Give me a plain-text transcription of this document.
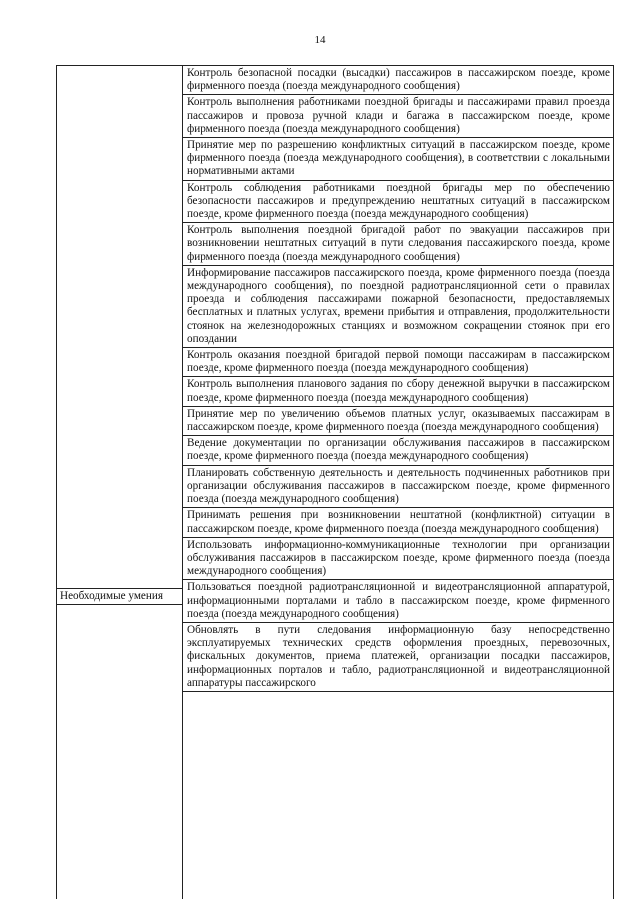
14
Необходимые умения
Контроль безопасной посадки (высадки) пассажиров в пассажирском поезде, кроме фирменного поезда (поезда международного сообщения)
Контроль выполнения работниками поездной бригады и пассажирами правил проезда пассажиров и провоза ручной клади и багажа в пассажирском поезде, кроме фирменного поезда (поезда международного сообщения)
Принятие мер по разрешению конфликтных ситуаций в пассажирском поезде, кроме фирменного поезда (поезда международного сообщения), в соответствии с локальными нормативными актами
Контроль соблюдения работниками поездной бригады мер по обеспечению безопасности пассажиров и предупреждению нештатных ситуаций в пассажирском поезде, кроме фирменного поезда (поезда международного сообщения)
Контроль выполнения поездной бригадой работ по эвакуации пассажиров при возникновении нештатных ситуаций в пути следования пассажирского поезда, кроме фирменного поезда (поезда международного сообщения)
Информирование пассажиров пассажирского поезда, кроме фирменного поезда (поезда международного сообщения), по поездной радиотрансляционной сети о правилах проезда и соблюдения пассажирами пожарной безопасности, предоставляемых бесплатных и платных услугах, времени прибытия и отправления, продолжительности стоянок на железнодорожных станциях и возможном сокращении стоянок при его опоздании
Контроль оказания поездной бригадой первой помощи пассажирам в пассажирском поезде, кроме фирменного поезда (поезда международного сообщения)
Контроль выполнения планового задания по сбору денежной выручки в пассажирском поезде, кроме фирменного поезда (поезда международного сообщения)
Принятие мер по увеличению объемов платных услуг, оказываемых пассажирам в пассажирском поезде, кроме фирменного поезда (поезда международного сообщения)
Ведение документации по организации обслуживания пассажиров в пассажирском поезде, кроме фирменного поезда (поезда международного сообщения)
Планировать собственную деятельность и деятельность подчиненных работников при организации обслуживания пассажиров в пассажирском поезде, кроме фирменного поезда (поезда международного сообщения)
Принимать решения при возникновении нештатной (конфликтной) ситуации в пассажирском поезде, кроме фирменного поезда (поезда международного сообщения)
Использовать информационно-коммуникационные технологии при организации обслуживания пассажиров в пассажирском поезде, кроме фирменного поезда (поезда международного сообщения)
Пользоваться поездной радиотрансляционной и видеотрансляционной аппаратурой, информационными порталами и табло в пассажирском поезде, кроме фирменного поезда (поезда международного сообщения)
Обновлять в пути следования информационную базу непосредственно эксплуатируемых технических средств оформления проездных, перевозочных, фискальных документов, приема платежей, организации посадки пассажиров, информационных порталов и табло, радиотрансляционной и видеотрансляционной аппаратуры пассажирского
